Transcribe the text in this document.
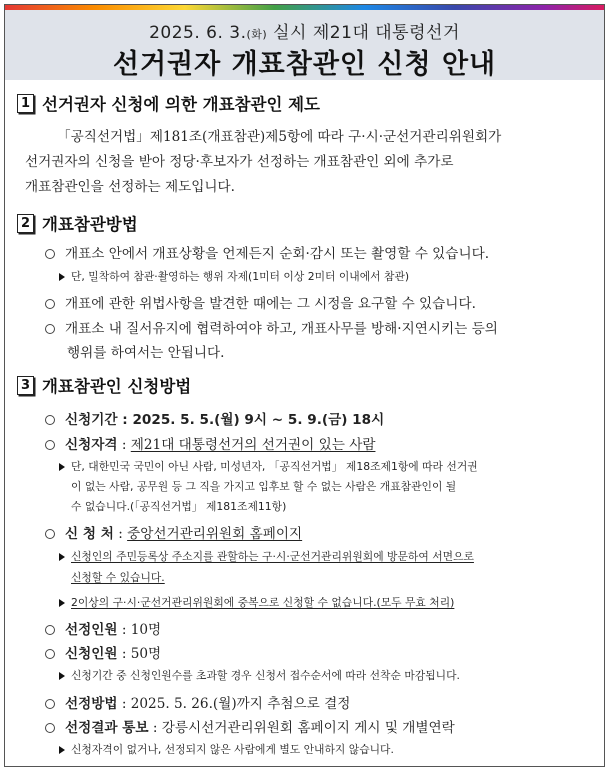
2025. 6. 3.(화) 실시 제21대 대통령선거
선거권자 개표참관인 신청 안내
1 선거권자 신청에 의한 개표참관인 제도
「공직선거법」제181조(개표참관)제5항에 따라 구·시·군선거관리위원회가
선거권자의 신청을 받아 정당·후보자가 선정하는 개표참관인 외에 추가로
개표참관인을 선정하는 제도입니다.
2 개표참관방법
개표소 안에서 개표상황을 언제든지 순회·감시 또는 촬영할 수 있습니다.
단, 밀착하여 참관·촬영하는 행위 자제(1미터 이상 2미터 이내에서 참관)
개표에 관한 위법사항을 발견한 때에는 그 시정을 요구할 수 있습니다.
개표소 내 질서유지에 협력하여야 하고, 개표사무를 방해·지연시키는 등의
행위를 하여서는 안됩니다.
3 개표참관인 신청방법
신청기간 : 2025. 5. 5.(월) 9시 ~ 5. 9.(금) 18시
신청자격 : 제21대 대통령선거의 선거권이 있는 사람
단, 대한민국 국민이 아닌 사람, 미성년자, 「공직선거법」 제18조제1항에 따라 선거권
이 없는 사람, 공무원 등 그 직을 가지고 입후보 할 수 없는 사람은 개표참관인이 될
수 없습니다.(「공직선거법」 제181조제11항)
신 청 처 : 중앙선거관리위원회 홈페이지
신청인의 주민등록상 주소지를 관할하는 구·시·군선거관리위원회에 방문하여 서면으로
신청할 수 있습니다.
2이상의 구·시·군선거관리위원회에 중복으로 신청할 수 없습니다.(모두 무효 처리)
선정인원 : 10명
신청인원 : 50명
신청기간 중 신청인원수를 초과할 경우 신청서 접수순서에 따라 선착순 마감됩니다.
선정방법 : 2025. 5. 26.(월)까지 추첨으로 결정
선정결과 통보 : 강릉시선거관리위원회 홈페이지 게시 및 개별연락
신청자격이 없거나, 선정되지 않은 사람에게 별도 안내하지 않습니다.
